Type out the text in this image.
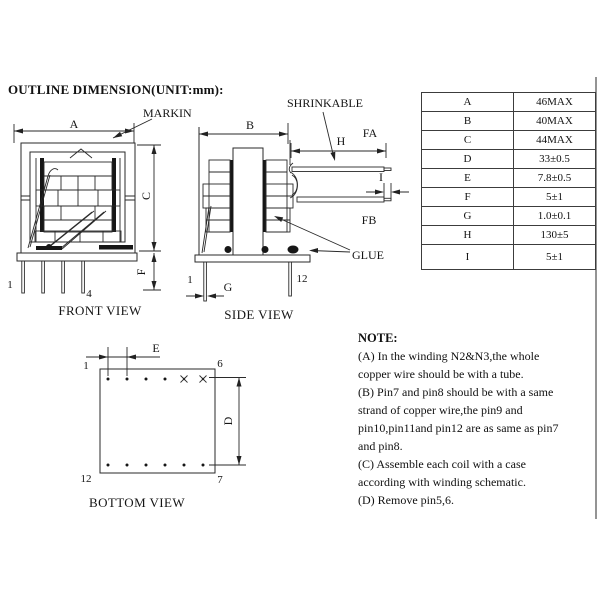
OUTLINE DIMENSION(UNIT:mm):
A
MARKIN
1
4
C
F
FRONT VIEW
B
1	12
G
H
FA
FB
I
SHRINKABLE
GLUE
SIDE VIEW
E
D
1	6
12	7
BOTTOM VIEW
A	46MAX
B	40MAX
C	44MAX
D	33±0.5
E	7.8±0.5
F	5±1
G	1.0±0.1
H	130±5
I	5±1
NOTE:
(A) In the winding N2&N3,the whole
copper wire should be with a tube.
(B) Pin7 and pin8 should be with a same
strand of copper wire,the pin9 and
pin10,pin11and pin12 are as same as pin7
and pin8.
(C) Assemble each coil with a case
according with winding schematic.
(D) Remove pin5,6.
